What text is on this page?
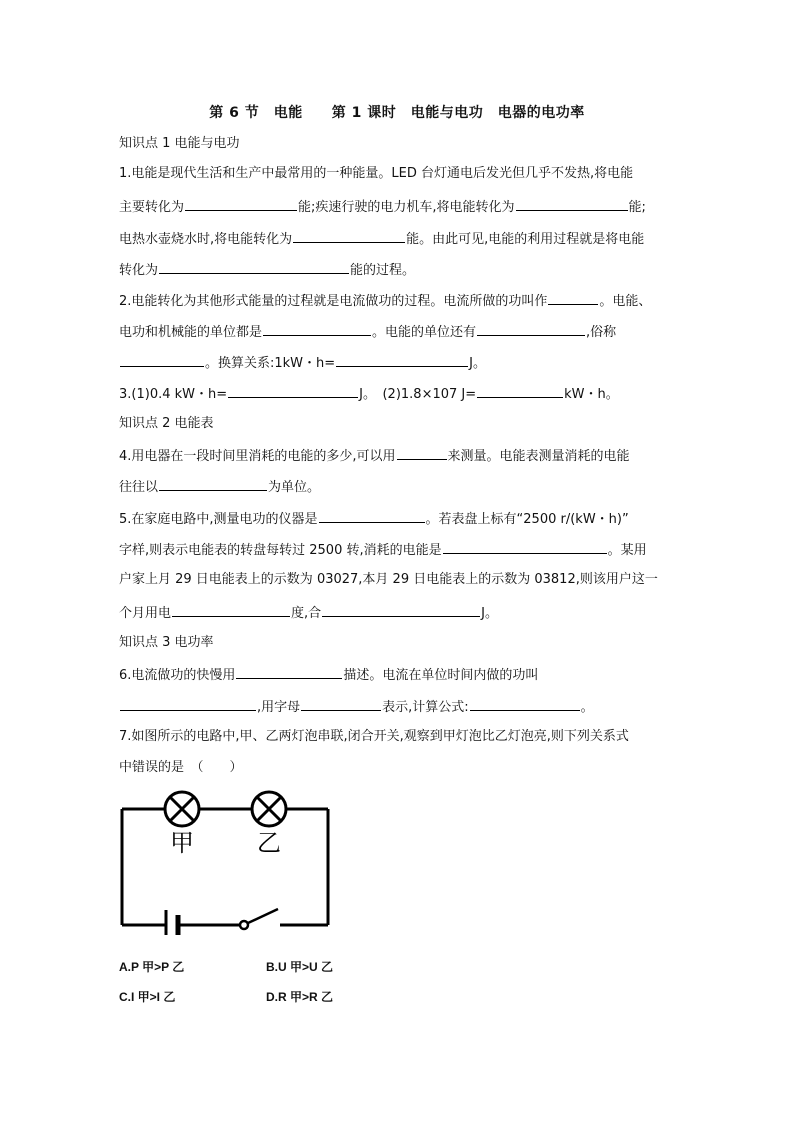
第 6 节　电能　　第 1 课时　电能与电功　电器的电功率
知识点 1 电能与电功
1.电能是现代生活和生产中最常用的一种能量。LED 台灯通电后发光但几乎不发热,将电能
主要转化为	能;疾速行驶的电力机车,将电能转化为	能;
电热水壶烧水时,将电能转化为	能。由此可见,电能的利用过程就是将电能
转化为	能的过程。
2.电能转化为其他形式能量的过程就是电流做功的过程。电流所做的功叫作	。电能、
电功和机械能的单位都是	。电能的单位还有	,俗称
。换算关系:1kW・h=	J。
3.(1)0.4 kW・h=	J。　(2)1.8×107 J=	kW・h。
知识点 2 电能表
4.用电器在一段时间里消耗的电能的多少,可以用	来测量。电能表测量消耗的电能
往往以	为单位。
5.在家庭电路中,测量电功的仪器是	。若表盘上标有“2500 r/(kW・h)”
字样,则表示电能表的转盘每转过 2500 转,消耗的电能是	。某用
户家上月 29 日电能表上的示数为 03027,本月 29 日电能表上的示数为 03812,则该用户这一
个月用电	度,合	J。
知识点 3 电功率
6.电流做功的快慢用	描述。电流在单位时间内做的功叫
,用字母	表示,计算公式:	。
7.如图所示的电路中,甲、乙两灯泡串联,闭合开关,观察到甲灯泡比乙灯泡亮,则下列关系式
中错误的是　（　　）
甲	乙
A.P 甲>P 乙	B.U 甲>U 乙
C.I 甲>I 乙	D.R 甲>R 乙
